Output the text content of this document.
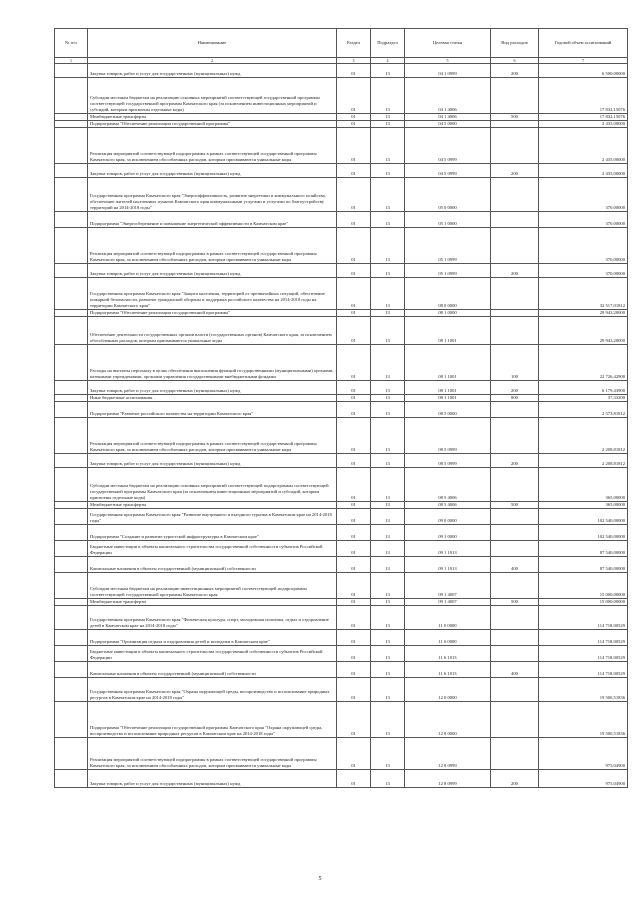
№ п/п	Наименование	Раздел	Подраздел	Целевая статья	Вид расходов	Годовой объем ассигнований
1	2	3	4	5	6	7
	Закупка товаров, работ и услуг для государственных (муниципальных) нужд	01	13	04 1 0999	200	6 500,00000
	Субсидии местным бюджетам на реализацию основных мероприятий соответствующей государственной программы соответствующей государственной программы Камчатского края (за исключением инвестиционных мероприятий и субсидий, которым присвоены отдельные коды)	01	13	04 1 4006		17 832,15076
	Межбюджетные трансферты	01	13	04 1 4006	500	17 832,15076
	Подпрограмма "Обеспечение реализации государственной программы"	01	13	04 5 0000		2 435,00000
	Реализация мероприятий соответствующей подпрограммы в рамках соответствующей государственной программы Камчатского края, за исключением обособленных расходов, которым присваиваются уникальные коды	01	13	04 5 0999		2 435,00000
	Закупка товаров, работ и услуг для государственных (муниципальных) нужд	01	13	04 5 0999	200	2 435,00000
	Государственная программа Камчатского края "Энергоэффективность, развитие энергетики и коммунального хозяйства, обеспечение жителей населенных пунктов Камчатского края коммунальными услугами и услугами по благоустройству территорий на 2014-2018 годы"	01	13	05 0 0000		370,00000
	Подпрограмма "Энергосбережение и повышение энергетической эффективности в Камчатском крае"	01	13	05 1 0000		370,00000
	Реализация мероприятий соответствующей подпрограммы в рамках соответствующей государственной программы Камчатского края, за исключением обособленных расходов, которым присваиваются уникальные коды	01	13	05 1 0999		370,00000
	Закупка товаров, работ и услуг для государственных (муниципальных) нужд	01	13	05 1 0999	200	370,00000
	Государственная программа Камчатского края "Защита населения, территорий от чрезвычайных ситуаций, обеспечение пожарной безопасности, развитие гражданской обороны и поддержка российского казачества на 2014-2018 годы на территории Камчатского края"	01	13	08 0 0000		32 517,01812
	Подпрограмма "Обеспечение реализации государственной программы"	01	13	08 1 0000		29 943,20000
	Обеспечение деятельности государственных органов власти (государственных органов) Камчатского края, за исключением обособленных расходов, которым присваиваются уникальные коды	01	13	08 1 1001		29 943,20000
	Расходы на выплаты персоналу в целях обеспечения выполнения функций государственными (муниципальными) органами, казенными учреждениями, органами управления государственными внебюджетными фондами	01	13	08 1 1001	100	22 726,42900
	Закупка товаров, работ и услуг для государственных (муниципальных) нужд	01	13	08 1 1001	200	6 179,43900
	Иные бюджетные ассигнования	01	13	08 1 1001	800	37,33200
	Подпрограмма "Развитие российского казачества на территории Камчатского края"	01	13	08 5 0000		2 573,81812
	Реализация мероприятий соответствующей подпрограммы в рамках соответствующей государственной программы Камчатского края, за исключением обособленных расходов, которым присваиваются уникальные коды	01	13	08 5 0999		2 208,81812
	Закупка товаров, работ и услуг для государственных (муниципальных) нужд	01	13	08 5 0999	200	2 208,81812
	Субсидии местным бюджетам на реализацию основных мероприятий соответствующей подпрограммы соответствующей государственной программы Камчатского края (за исключением инвестиционных мероприятий и субсидий, которым присвоены отдельные коды)	01	13	08 5 4006		365,00000
	Межбюджетные трансферты	01	13	08 5 4006	500	365,00000
	Государственная программа Камчатского края "Развитие внутреннего и въездного туризма в Камчатском крае на 2014-2018 годы"	01	13	09 0 0000		102 540,00000
	Подпрограмма "Создание и развитие туристской инфраструктуры в Камчатском крае"	01	13	09 1 0000		102 540,00000
	Бюджетные инвестиции в объекты капитального строительства государственной собственности субъектов Российской Федерации	01	13	09 1 1013		87 540,00000
	Капитальные вложения в объекты государственной (муниципальной) собственности	01	13	09 1 1013	400	87 540,00000
	Субсидии местным бюджетам на реализацию инвестиционных мероприятий соответствующей подпрограммы соответствующей государственной программы Камчатского края	01	13	09 1 4007		15 000,00000
	Межбюджетные трансферты	01	13	09 1 4007	500	15 000,00000
	Государственная программа Камчатского края "Физическая культура, спорт, молодежная политика, отдых и оздоровление детей в Камчатском крае на 2014-2018 годы"	01	13	11 0 0000		114 718,00529
	Подпрограмма "Организация отдыха и оздоровления детей и молодежи в Камчатском крае"	01	13	11 6 0000		114 718,00529
	Бюджетные инвестиции в объекты капитального строительства государственной собственности субъектов Российской Федерации	01	13	11 6 1013		114 718,00529
	Капитальные вложения в объекты государственной (муниципальной) собственности	01	13	11 6 1013	400	114 718,00529
	Государственная программа Камчатского края "Охрана окружающей среды, воспроизводство и использование природных ресурсов в Камчатском крае на 2014-2018 годы"	01	13	12 0 0000		19 500,51836
	Подпрограмма "Обеспечение реализации государственной программы Камчатского края "Охрана окружающей среды, воспроизводство и использование природных ресурсов в Камчатском крае на 2014-2018 годы"	01	13	12 8 0000		19 500,51836
	Реализация мероприятий соответствующей подпрограммы в рамках соответствующей государственной программы Камчатского края, за исключением обособленных расходов, которым присваиваются уникальные коды	01	13	12 8 0999		975,04900
	Закупка товаров, работ и услуг для государственных (муниципальных) нужд	01	13	12 8 0999	200	975,04900
5
